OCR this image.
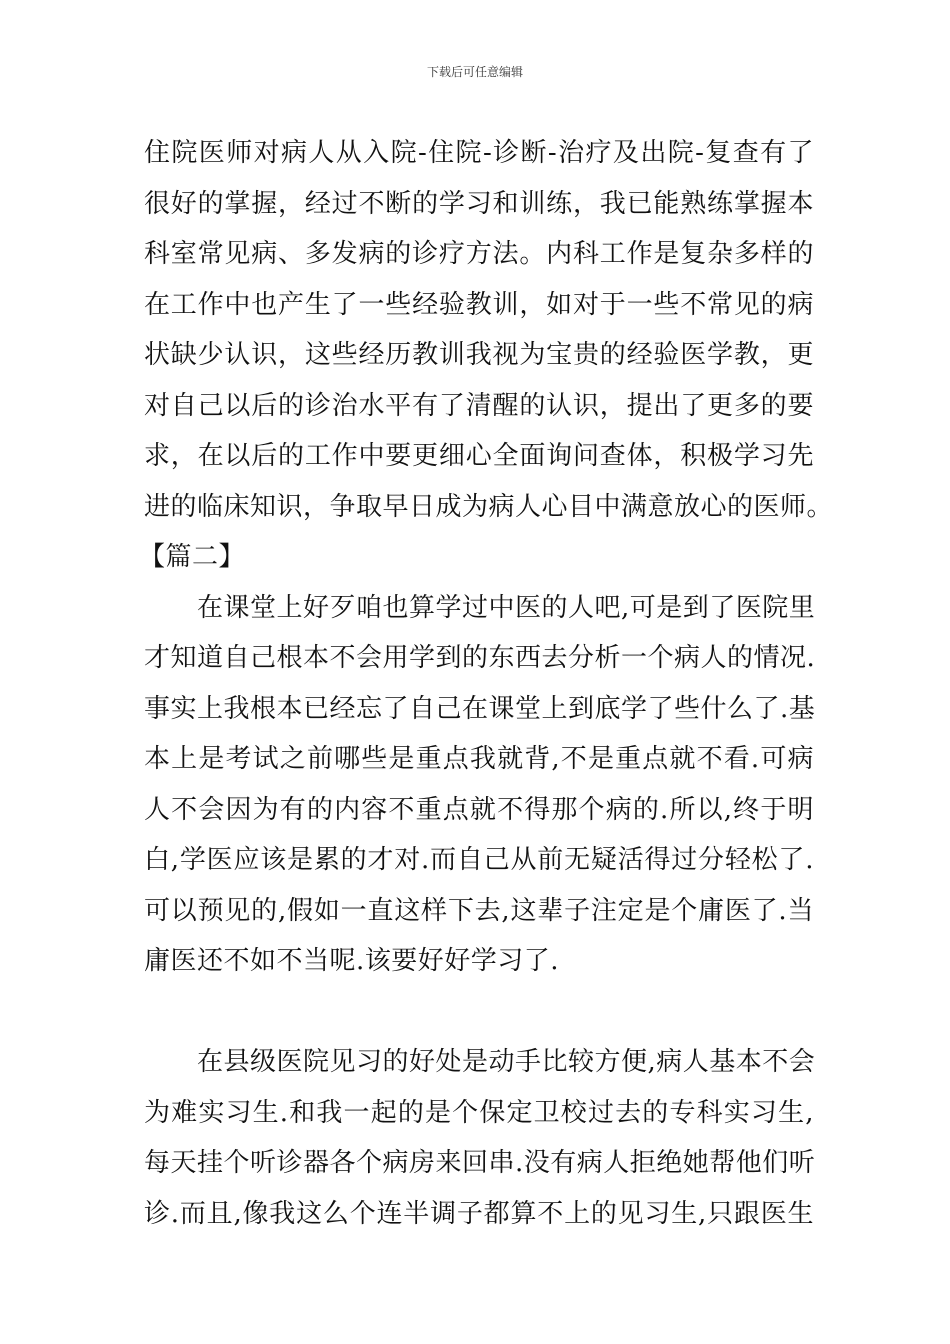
下载后可任意编辑
住院医师对病人从入院-住院-诊断-治疗及出院-复查有了
很好的掌握，经过不断的学习和训练，我已能熟练掌握本
科室常见病、多发病的诊疗方法。内科工作是复杂多样的
在工作中也产生了一些经验教训，如对于一些不常见的病
状缺少认识，这些经历教训我视为宝贵的经验医学教，更
对自己以后的诊治水平有了清醒的认识，提出了更多的要
求，在以后的工作中要更细心全面询问查体，积极学习先
进的临床知识，争取早日成为病人心目中满意放心的医师。
【篇二】
　　在课堂上好歹咱也算学过中医的人吧,可是到了医院里
才知道自己根本不会用学到的东西去分析一个病人的情况.
事实上我根本已经忘了自己在课堂上到底学了些什么了.基
本上是考试之前哪些是重点我就背,不是重点就不看.可病
人不会因为有的内容不重点就不得那个病的.所以,终于明
白,学医应该是累的才对.而自己从前无疑活得过分轻松了.
可以预见的,假如一直这样下去,这辈子注定是个庸医了.当
庸医还不如不当呢.该要好好学习了.
　　在县级医院见习的好处是动手比较方便,病人基本不会
为难实习生.和我一起的是个保定卫校过去的专科实习生,
每天挂个听诊器各个病房来回串.没有病人拒绝她帮他们听
诊.而且,像我这么个连半调子都算不上的见习生,只跟医生
